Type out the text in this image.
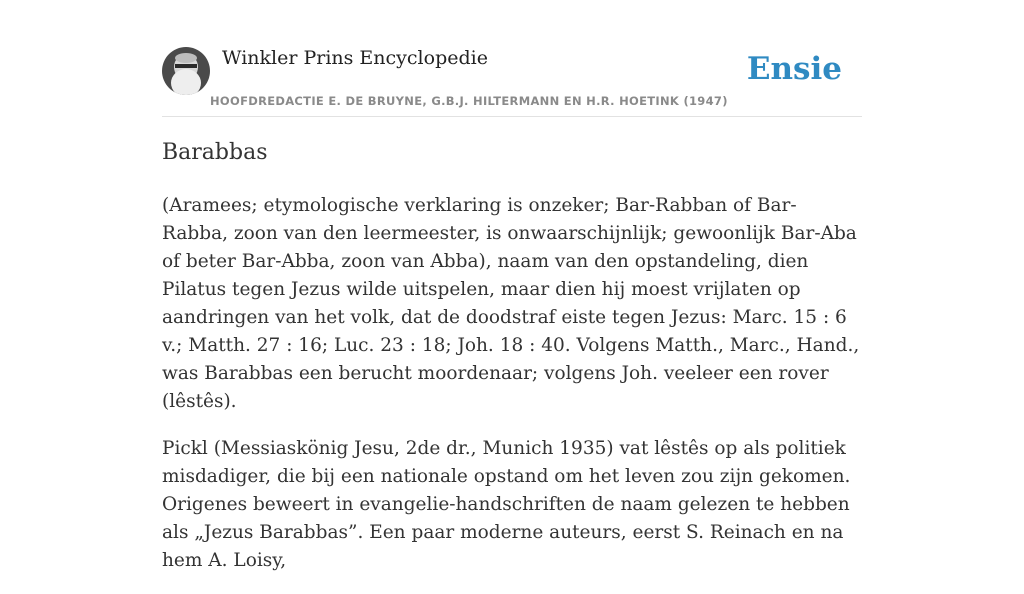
Winkler Prins Encyclopedie
HOOFDREDACTIE E. DE BRUYNE, G.B.J. HILTERMANN EN H.R. HOETINK (1947)
Ensie
Barabbas

(Aramees; etymologische verklaring is onzeker; Bar-Rabban of Bar-Rabba, zoon van den leermeester, is onwaarschijnlijk; gewoonlijk Bar-Aba of beter Bar-Abba, zoon van Abba), naam van den opstandeling, dien Pilatus tegen Jezus wilde uitspelen, maar dien hij moest vrijlaten op aandringen van het volk, dat de doodstraf eiste tegen Jezus: Marc. 15 : 6 v.; Matth. 27 : 16; Luc. 23 : 18; Joh. 18 : 40. Volgens Matth., Marc., Hand., was Barabbas een berucht moordenaar; volgens Joh. veeleer een rover (lêstês).

Pickl (Messiaskönig Jesu, 2de dr., Munich 1935) vat lêstês op als politiek misdadiger, die bij een nationale opstand om het leven zou zijn gekomen. Origenes beweert in evangelie-handschriften de naam gelezen te hebben als „Jezus Barabbas”. Een paar moderne auteurs, eerst S. Reinach en na hem A. Loisy,
